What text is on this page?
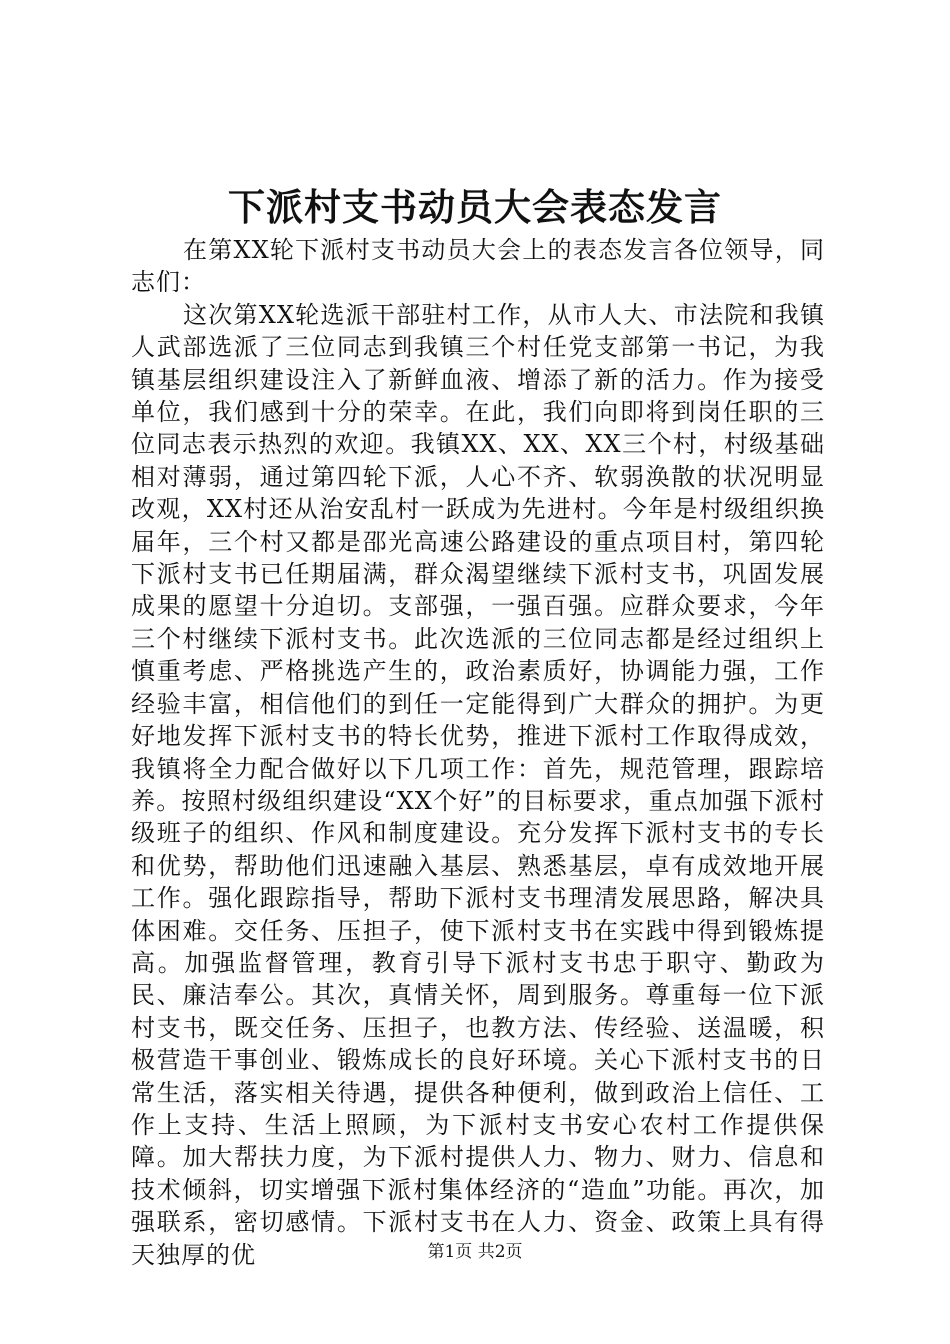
下派村支书动员大会表态发言

在第XX轮下派村支书动员大会上的表态发言各位领导，同志们：

这次第XX轮选派干部驻村工作，从市人大、市法院和我镇人武部选派了三位同志到我镇三个村任党支部第一书记，为我镇基层组织建设注入了新鲜血液、增添了新的活力。作为接受单位，我们感到十分的荣幸。在此，我们向即将到岗任职的三位同志表示热烈的欢迎。我镇XX、XX、XX三个村，村级基础相对薄弱，通过第四轮下派，人心不齐、软弱涣散的状况明显改观，XX村还从治安乱村一跃成为先进村。今年是村级组织换届年，三个村又都是邵光高速公路建设的重点项目村，第四轮下派村支书已任期届满，群众渴望继续下派村支书，巩固发展成果的愿望十分迫切。支部强，一强百强。应群众要求，今年三个村继续下派村支书。此次选派的三位同志都是经过组织上慎重考虑、严格挑选产生的，政治素质好，协调能力强，工作经验丰富，相信他们的到任一定能得到广大群众的拥护。为更好地发挥下派村支书的特长优势，推进下派村工作取得成效，我镇将全力配合做好以下几项工作：首先，规范管理，跟踪培养。按照村级组织建设“XX个好”的目标要求，重点加强下派村级班子的组织、作风和制度建设。充分发挥下派村支书的专长和优势，帮助他们迅速融入基层、熟悉基层，卓有成效地开展工作。强化跟踪指导，帮助下派村支书理清发展思路，解决具体困难。交任务、压担子，使下派村支书在实践中得到锻炼提高。加强监督管理，教育引导下派村支书忠于职守、勤政为民、廉洁奉公。其次，真情关怀，周到服务。尊重每一位下派村支书，既交任务、压担子，也教方法、传经验、送温暖，积极营造干事创业、锻炼成长的良好环境。关心下派村支书的日常生活，落实相关待遇，提供各种便利，做到政治上信任、工作上支持、生活上照顾，为下派村支书安心农村工作提供保障。加大帮扶力度，为下派村提供人力、物力、财力、信息和技术倾斜，切实增强下派村集体经济的“造血”功能。再次，加强联系，密切感情。下派村支书在人力、资金、政策上具有得天独厚的优	第1页 共2页
